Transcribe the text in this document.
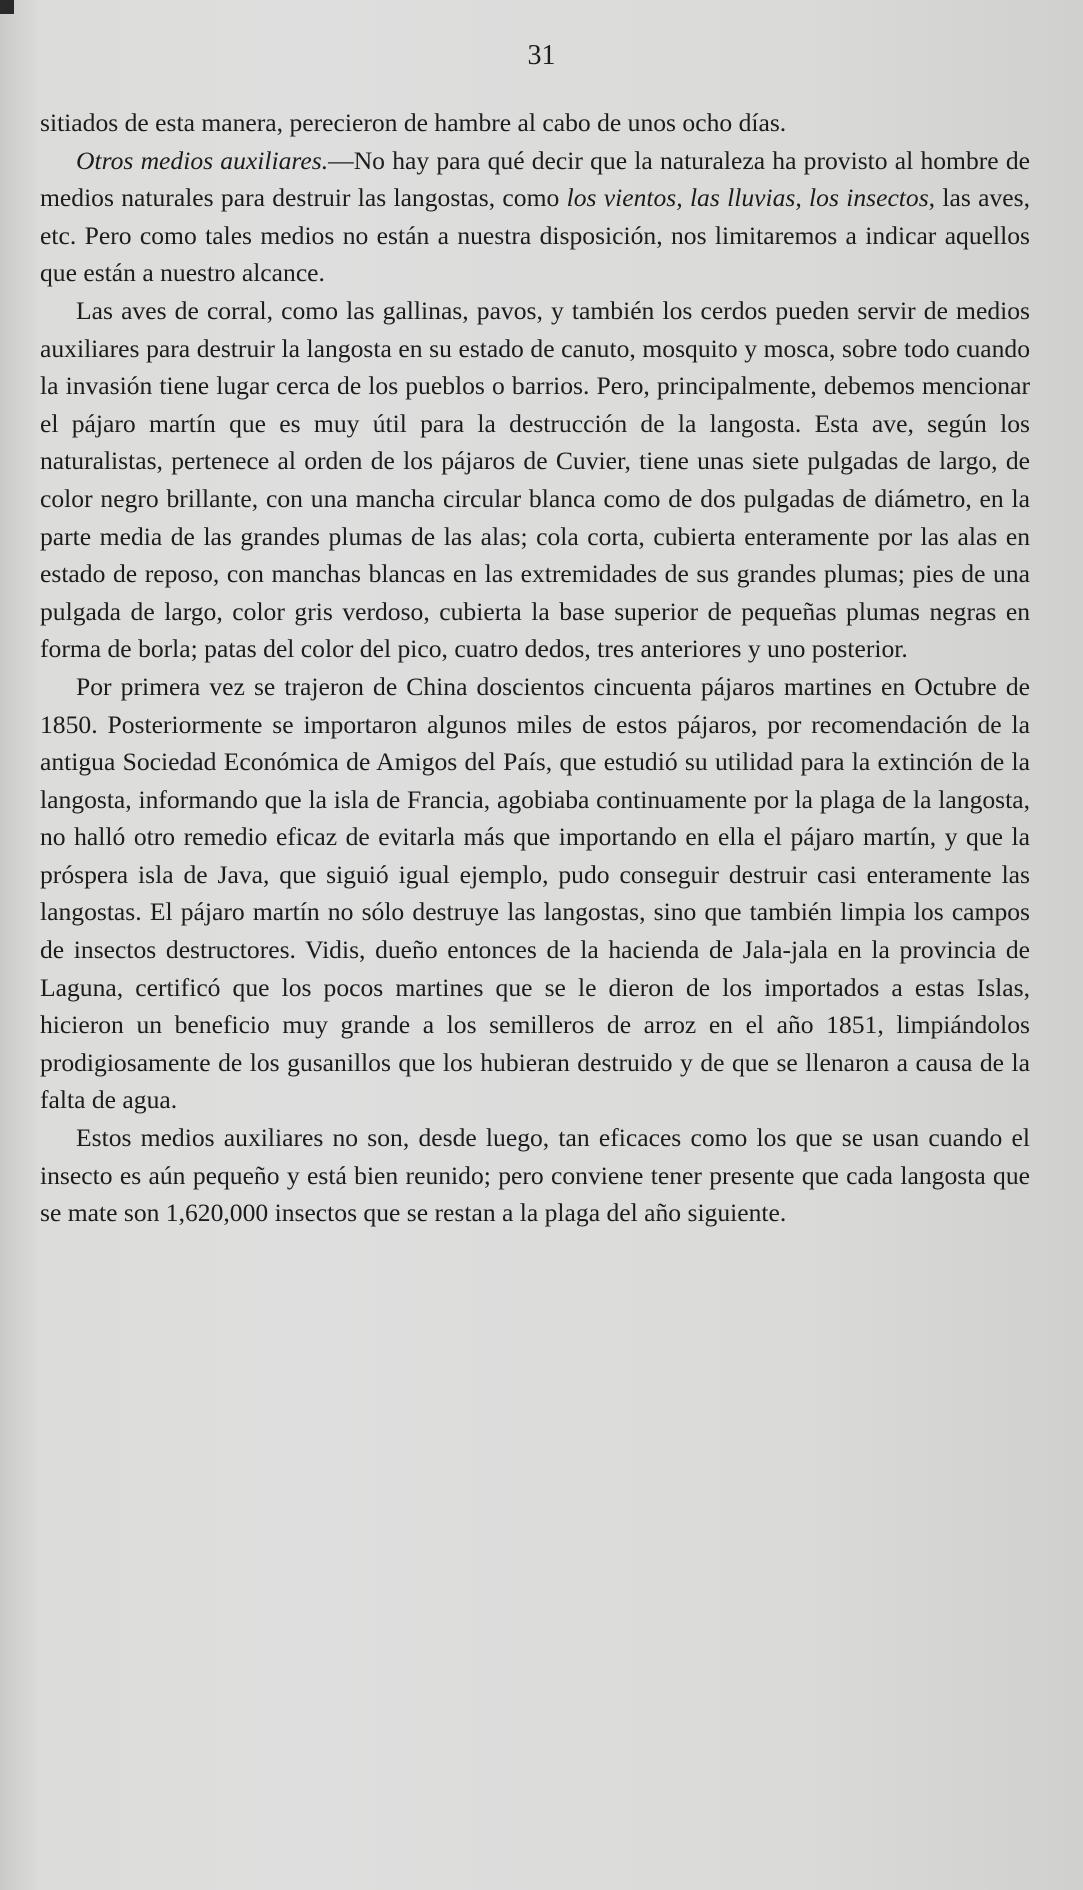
31

sitiados de esta manera, perecieron de hambre al cabo de unos ocho días.

Otros medios auxiliares.—No hay para qué decir que la naturaleza ha provisto al hombre de medios naturales para destruir las langostas, como los vientos, las lluvias, los insectos, las aves, etc. Pero como tales medios no están a nuestra disposición, nos limitaremos a indicar aquellos que están a nuestro alcance.

Las aves de corral, como las gallinas, pavos, y también los cerdos pueden servir de medios auxiliares para destruir la langosta en su estado de canuto, mosquito y mosca, sobre todo cuando la invasión tiene lugar cerca de los pueblos o barrios. Pero, principalmente, debemos mencionar el pájaro martín que es muy útil para la destrucción de la langosta. Esta ave, según los naturalistas, pertenece al orden de los pájaros de Cuvier, tiene unas siete pulgadas de largo, de color negro brillante, con una mancha circular blanca como de dos pulgadas de diámetro, en la parte media de las grandes plumas de las alas; cola corta, cubierta enteramente por las alas en estado de reposo, con manchas blancas en las extremidades de sus grandes plumas; pies de una pulgada de largo, color gris verdoso, cubierta la base superior de pequeñas plumas negras en forma de borla; patas del color del pico, cuatro dedos, tres anteriores y uno posterior.

Por primera vez se trajeron de China doscientos cincuenta pájaros martines en Octubre de 1850. Posteriormente se importaron algunos miles de estos pájaros, por recomendación de la antigua Sociedad Económica de Amigos del País, que estudió su utilidad para la extinción de la langosta, informando que la isla de Francia, agobiaba continuamente por la plaga de la langosta, no halló otro remedio eficaz de evitarla más que importando en ella el pájaro martín, y que la próspera isla de Java, que siguió igual ejemplo, pudo conseguir destruir casi enteramente las langostas. El pájaro martín no sólo destruye las langostas, sino que también limpia los campos de insectos destructores. Vidis, dueño entonces de la hacienda de Jala-jala en la provincia de Laguna, certificó que los pocos martines que se le dieron de los importados a estas Islas, hicieron un beneficio muy grande a los semilleros de arroz en el año 1851, limpiándolos prodigiosamente de los gusanillos que los hubieran destruido y de que se llenaron a causa de la falta de agua.

Estos medios auxiliares no son, desde luego, tan eficaces como los que se usan cuando el insecto es aún pequeño y está bien reunido; pero conviene tener presente que cada langosta que se mate son 1,620,000 insectos que se restan a la plaga del año siguiente.
